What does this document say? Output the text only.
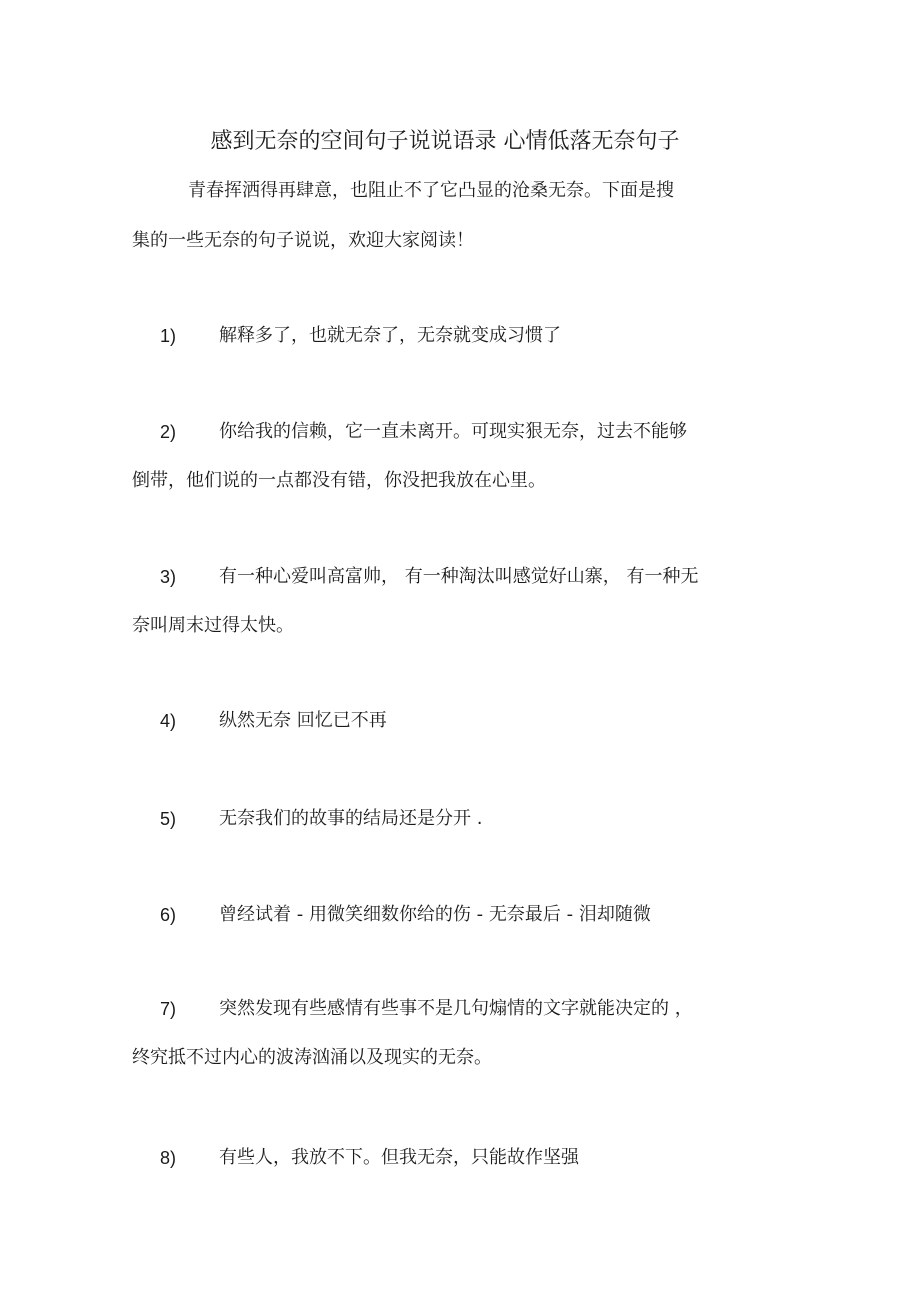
感到无奈的空间句子说说语录 心情低落无奈句子

青春挥洒得再肆意，也阻止不了它凸显的沧桑无奈。下面是搜

集的一些无奈的句子说说，欢迎大家阅读！

1) 解释多了，也就无奈了，无奈就变成习惯了

2) 你给我的信赖，它一直未离开。可现实狠无奈，过去不能够

倒带，他们说的一点都没有错，你没把我放在心里。

3) 有一种心爱叫高富帅， 有一种淘汰叫感觉好山寨， 有一种无

奈叫周末过得太快。

4) 纵然无奈 回忆已不再

5) 无奈我们的故事的结局还是分开 .

6) 曾经试着 - 用微笑细数你给的伤 - 无奈最后 - 泪却随微

7) 突然发现有些感情有些事不是几句煽情的文字就能决定的 ，

终究抵不过内心的波涛汹涌以及现实的无奈。

8) 有些人，我放不下。但我无奈，只能故作坚强
